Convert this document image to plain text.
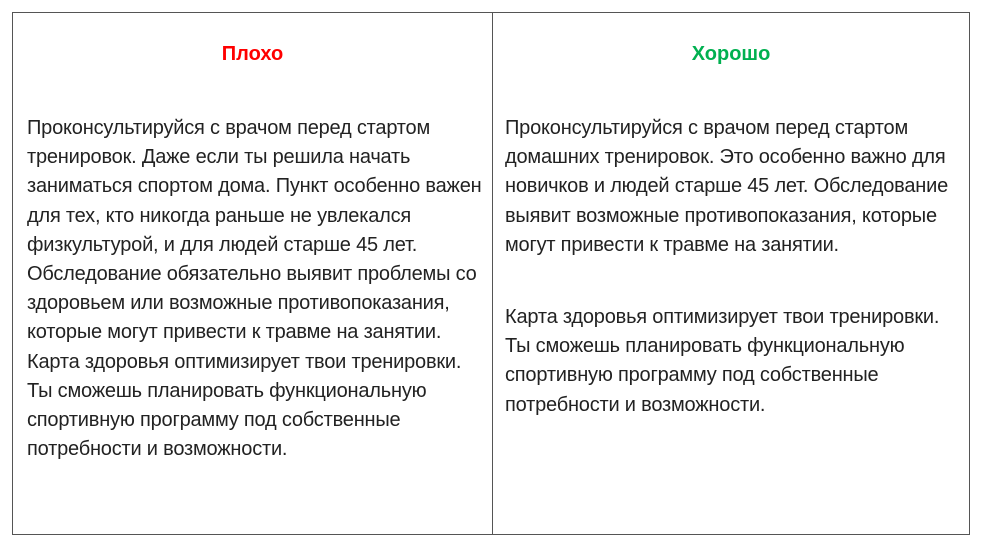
Плохо

Проконсультируйся с врачом перед стартом тренировок. Даже если ты решила начать заниматься спортом дома. Пункт особенно важен для тех, кто никогда раньше не увлекался физкультурой, и для людей старше 45 лет. Обследование обязательно выявит проблемы со здоровьем или возможные противопоказания, которые могут привести к травме на занятии. Карта здоровья оптимизирует твои тренировки. Ты сможешь планировать функциональную спортивную программу под собственные потребности и возможности.

Хорошо

Проконсультируйся с врачом перед стартом домашних тренировок. Это особенно важно для новичков и людей старше 45 лет. Обследование выявит возможные противопоказания, которые могут привести к травме на занятии.

Карта здоровья оптимизирует твои тренировки. Ты сможешь планировать функциональную спортивную программу под собственные потребности и возможности.
